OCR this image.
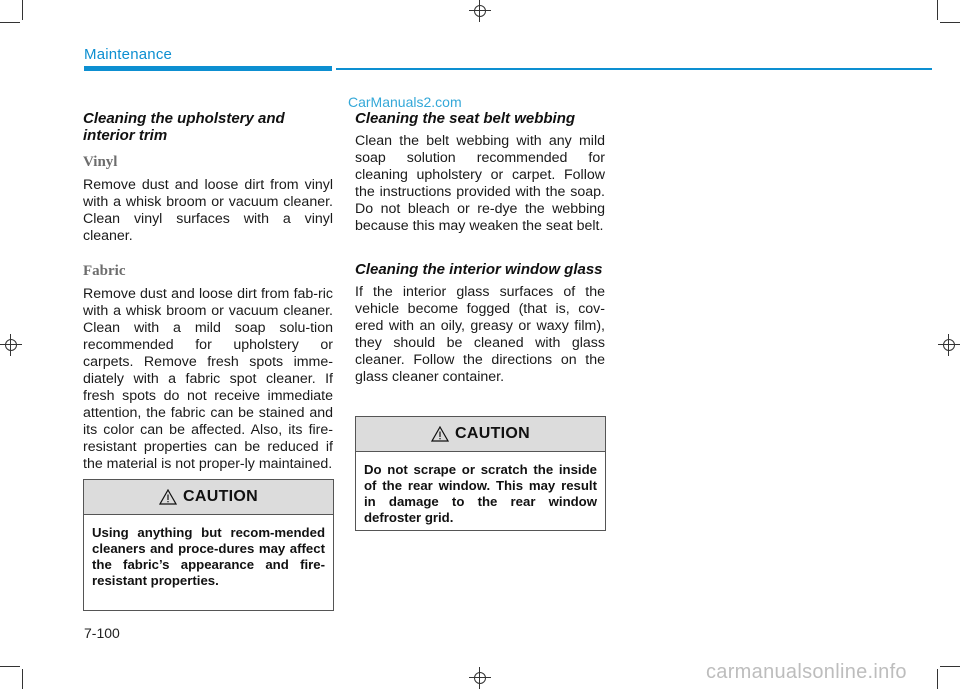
Maintenance
CarManuals2.com
Cleaning the upholstery and interior trim
Vinyl

Remove dust and loose dirt from vinyl with a whisk broom or vacuum cleaner. Clean vinyl surfaces with a vinyl cleaner.

Fabric

Remove dust and loose dirt from fab-ric with a whisk broom or vacuum cleaner. Clean with a mild soap solu-tion recommended for upholstery or carpets. Remove fresh spots imme-diately with a fabric spot cleaner. If fresh spots do not receive immediate attention, the fabric can be stained and its color can be affected. Also, its fire-resistant properties can be reduced if the material is not proper-ly maintained.

CAUTION
Using anything but recom-mended cleaners and proce-dures may affect the fabric’s appearance and fire-resistant properties.
Cleaning the seat belt webbing

Clean the belt webbing with any mild soap solution recommended for cleaning upholstery or carpet. Follow the instructions provided with the soap. Do not bleach or re-dye the webbing because this may weaken the seat belt.

Cleaning the interior window glass

If the interior glass surfaces of the vehicle become fogged (that is, cov-ered with an oily, greasy or waxy film), they should be cleaned with glass cleaner. Follow the directions on the glass cleaner container.

CAUTION
Do not scrape or scratch the inside of the rear window. This may result in damage to the rear window defroster grid.
7-100
carmanualsonline.info
